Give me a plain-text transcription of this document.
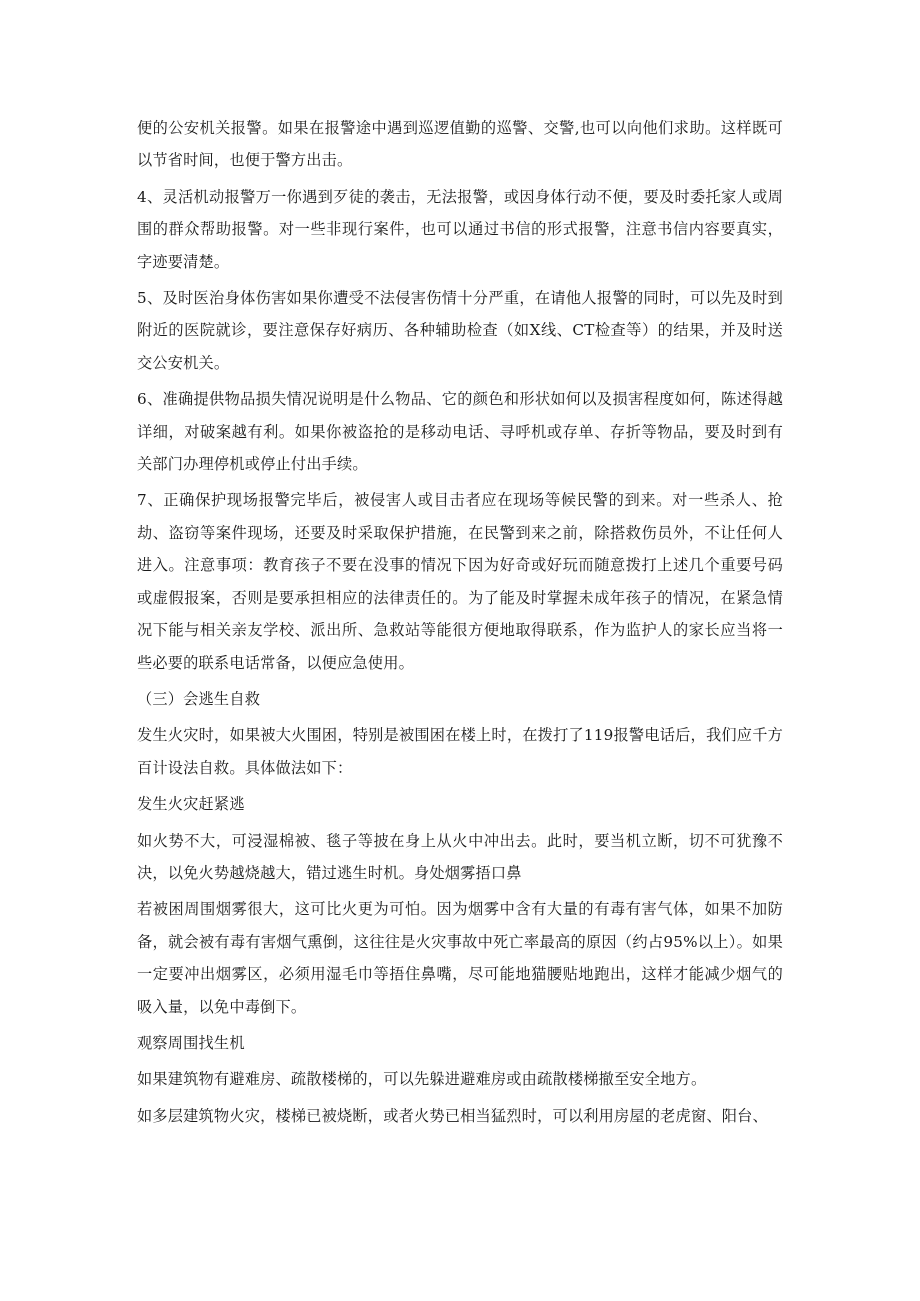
便的公安机关报警。如果在报警途中遇到巡逻值勤的巡警、交警,也可以向他们求助。这样既可以节省时间，也便于警方出击。

4、灵活机动报警万一你遇到歹徒的袭击，无法报警，或因身体行动不便，要及时委托家人或周围的群众帮助报警。对一些非现行案件，也可以通过书信的形式报警，注意书信内容要真实，字迹要清楚。

5、及时医治身体伤害如果你遭受不法侵害伤情十分严重，在请他人报警的同时，可以先及时到附近的医院就诊，要注意保存好病历、各种辅助检查（如X线、CT检查等）的结果，并及时送交公安机关。

6、准确提供物品损失情况说明是什么物品、它的颜色和形状如何以及损害程度如何，陈述得越详细，对破案越有利。如果你被盗抢的是移动电话、寻呼机或存单、存折等物品，要及时到有关部门办理停机或停止付出手续。

7、正确保护现场报警完毕后，被侵害人或目击者应在现场等候民警的到来。对一些杀人、抢劫、盗窃等案件现场，还要及时采取保护措施，在民警到来之前，除搭救伤员外，不让任何人进入。注意事项：教育孩子不要在没事的情况下因为好奇或好玩而随意拨打上述几个重要号码或虚假报案，否则是要承担相应的法律责任的。为了能及时掌握未成年孩子的情况，在紧急情况下能与相关亲友学校、派出所、急救站等能很方便地取得联系，作为监护人的家长应当将一些必要的联系电话常备，以便应急使用。

（三）会逃生自救

发生火灾时，如果被大火围困，特别是被围困在楼上时，在拨打了119报警电话后，我们应千方百计设法自救。具体做法如下：

发生火灾赶紧逃

如火势不大，可浸湿棉被、毯子等披在身上从火中冲出去。此时，要当机立断，切不可犹豫不决，以免火势越烧越大，错过逃生时机。身处烟雾捂口鼻

若被困周围烟雾很大，这可比火更为可怕。因为烟雾中含有大量的有毒有害气体，如果不加防备，就会被有毒有害烟气熏倒，这往往是火灾事故中死亡率最高的原因（约占95%以上）。如果一定要冲出烟雾区，必须用湿毛巾等捂住鼻嘴，尽可能地猫腰贴地跑出，这样才能减少烟气的吸入量，以免中毒倒下。

观察周围找生机

如果建筑物有避难房、疏散楼梯的，可以先躲进避难房或由疏散楼梯撤至安全地方。

如多层建筑物火灾，楼梯已被烧断，或者火势已相当猛烈时，可以利用房屋的老虎窗、阳台、
